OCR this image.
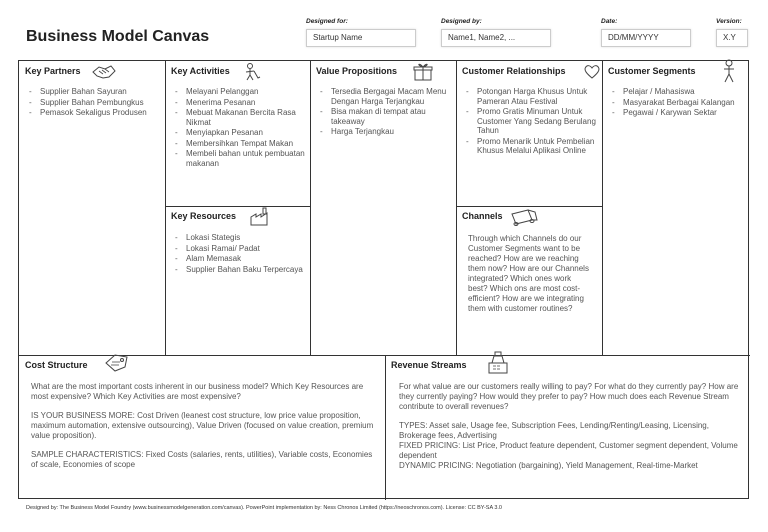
Business Model Canvas
Designed for:
Startup Name
Designed by:
Name1, Name2, ...
Date:
DD/MM/YYYY
Version:
X.Y
Key Partners
- Supplier Bahan Sayuran
- Supplier Bahan Pembungkus
- Pemasok Sekaligus Produsen
Key Activities
- Melayani Pelanggan
- Menerima Pesanan
- Mebuat Makanan Bercita Rasa Nikmat
- Menyiapkan Pesanan
- Membersihkan Tempat Makan
- Membeli bahan untuk pembuatan makanan
Key Resources
- Lokasi Stategis
- Lokasi Ramai/ Padat
- Alam Memasak
- Supplier Bahan Baku Terpercaya
Value Propositions
- Tersedia Bergagai Macam Menu Dengan Harga Terjangkau
- Bisa makan di tempat atau takeaway
- Harga Terjangkau
Customer Relationships
- Potongan Harga Khusus Untuk Pameran Atau Festival
- Promo Gratis Minuman Untuk Customer Yang Sedang Berulang Tahun
- Promo Menarik Untuk Pembelian Khusus Melalui Aplikasi Online
Channels
Through which Channels do our Customer Segments want to be reached? How are we reaching them now? How are our Channels integrated? Which ones work best? Which ons are most cost-efficient? How are we integrating them with customer routines?
Customer Segments
- Pelajar / Mahasiswa
- Masyarakat Berbagai Kalangan
- Pegawai / Karywan Sektar
Cost Structure

What are the most important costs inherent in our business model? Which Key Resources are most expensive? Which Key Activities are most expensive?

IS YOUR BUSINESS MORE: Cost Driven (leanest cost structure, low price value proposition, maximum automation, extensive outsourcing), Value Driven (focused on value creation, premium value proposition).

SAMPLE CHARACTERISTICS: Fixed Costs (salaries, rents, utilities), Variable costs, Economies of scale, Economies of scope

Revenue Streams

For what value are our customers really willing to pay? For what do they currently pay? How are they currently paying? How would they prefer to pay? How much does each Revenue Stream contribute to overall revenues?

TYPES: Asset sale, Usage fee, Subscription Fees, Lending/Renting/Leasing, Licensing, Brokerage fees, Advertising

FIXED PRICING: List Price, Product feature dependent, Customer segment dependent, Volume dependent

DYNAMIC PRICING: Negotiation (bargaining), Yield Management, Real-time-Market

Designed by: The Business Model Foundry (www.businessmodelgeneration.com/canvas). PowerPoint implementation by: Ness Chronos Limited (https://neoschronos.com). License: CC BY-SA 3.0
